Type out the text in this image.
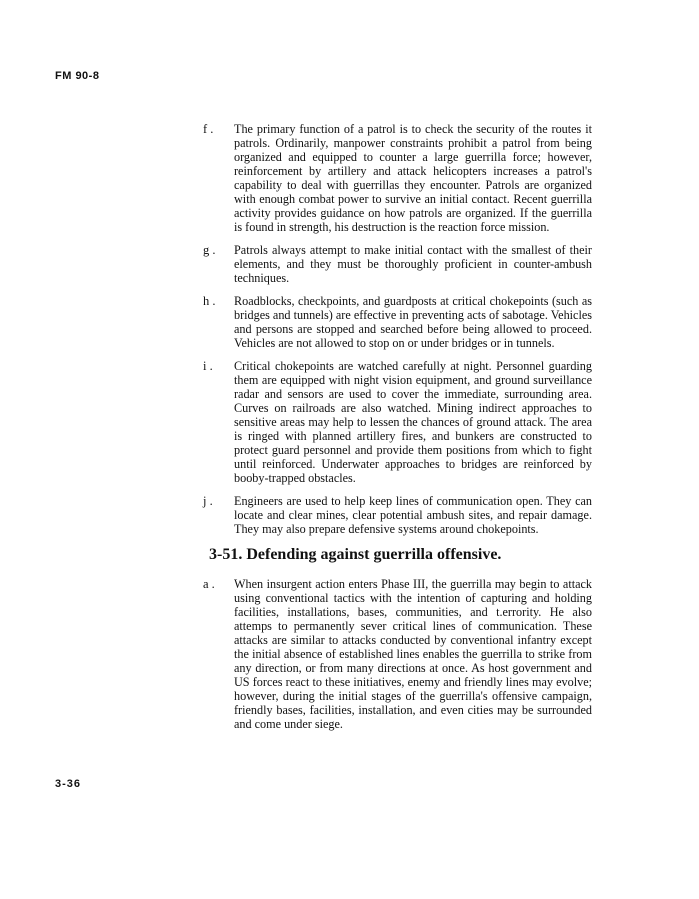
FM 90-8
f .	The primary function of a patrol is to check the security of the routes it patrols. Ordinarily, manpower constraints prohibit a patrol from being organized and equipped to counter a large guerrilla force; however, reinforcement by artillery and attack helicopters increases a patrol's capability to deal with guerrillas they encounter. Patrols are organized with enough combat power to survive an initial contact. Recent guerrilla activity provides guidance on how patrols are organized. If the guerrilla is found in strength, his destruction is the reaction force mission.
g .	Patrols always attempt to make initial contact with the smallest of their elements, and they must be thoroughly proficient in counter-ambush techniques.
h .	Roadblocks, checkpoints, and guardposts at critical chokepoints (such as bridges and tunnels) are effective in preventing acts of sabotage. Vehicles and persons are stopped and searched before being allowed to proceed. Vehicles are not allowed to stop on or under bridges or in tunnels.
i .	Critical chokepoints are watched carefully at night. Personnel guarding them are equipped with night vision equipment, and ground surveillance radar and sensors are used to cover the immediate, surrounding area. Curves on railroads are also watched. Mining indirect approaches to sensitive areas may help to lessen the chances of ground attack. The area is ringed with planned artillery fires, and bunkers are constructed to protect guard personnel and provide them positions from which to fight until reinforced. Underwater approaches to bridges are reinforced by booby-trapped obstacles.
j .	Engineers are used to help keep lines of communication open. They can locate and clear mines, clear potential ambush sites, and repair damage. They may also prepare defensive systems around chokepoints.
3-51. Defending against guerrilla offensive.
a .	When insurgent action enters Phase III, the guerrilla may begin to attack using conventional tactics with the intention of capturing and holding facilities, installations, bases, communities, and t.errority. He also attemps to permanently sever critical lines of communication. These attacks are similar to attacks conducted by conventional infantry except the initial absence of established lines enables the guerrilla to strike from any direction, or from many directions at once. As host government and US forces react to these initiatives, enemy and friendly lines may evolve; however, during the initial stages of the guerrilla's offensive campaign, friendly bases, facilities, installation, and even cities may be surrounded and come under siege.
3-36
